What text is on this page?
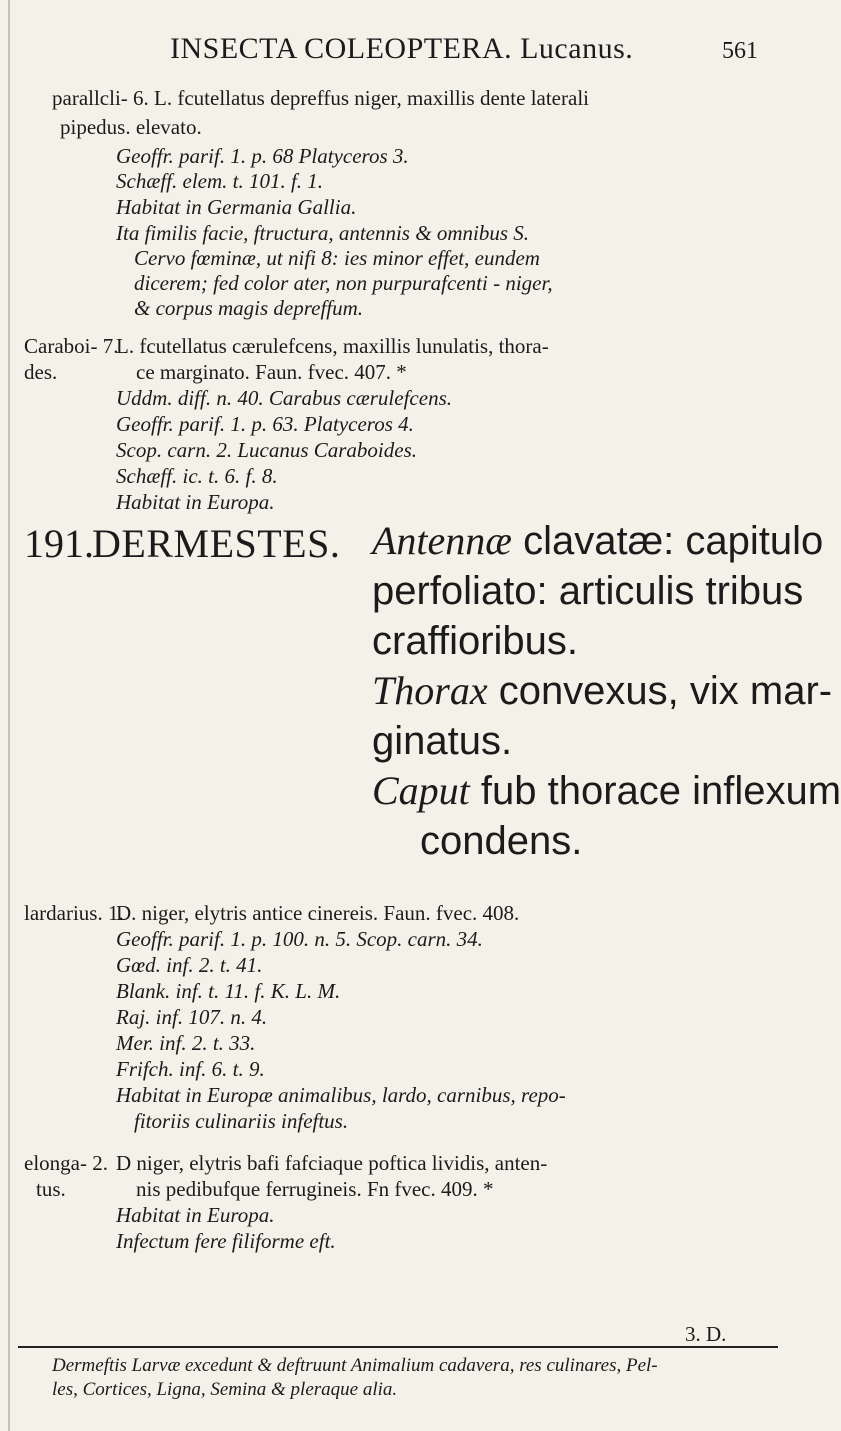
INSECTA COLEOPTERA. Lucanus.	561
parallcli- 6. L. fcutellatus depreffus niger, maxillis dente laterali
pipedus. elevato.
Geoffr. parif. 1. p. 68 Platyceros 3.
Schæff. elem. t. 101. f. 1.
Habitat in Germania Gallia.
Ita fimilis facie, ftructura, antennis & omnibus S.
Cervo fœminæ, ut nifi 8: ies minor effet, eundem
dicerem; fed color ater, non purpurafcenti - niger,
& corpus magis depreffum.
Caraboi- 7.
des.
L. fcutellatus cærulefcens, maxillis lunulatis, thora-
ce marginato. Faun. fvec. 407. *
Uddm. diff. n. 40. Carabus cærulefcens.
Geoffr. parif. 1. p. 63. Platyceros 4.
Scop. carn. 2. Lucanus Caraboides.
Schæff. ic. t. 6. f. 8.
Habitat in Europa.
191.
DERMESTES. Antennæ clavatæ: capitulo
perfoliato: articulis tribus
craffioribus.
Thorax convexus, vix mar-
ginatus.
Caput fub thorace inflexum
condens.
lardarius. 1.
D. niger, elytris antice cinereis. Faun. fvec. 408.
Geoffr. parif. 1. p. 100. n. 5. Scop. carn. 34.
Gœd. inf. 2. t. 41.
Blank. inf. t. 11. f. K. L. M.
Raj. inf. 107. n. 4.
Mer. inf. 2. t. 33.
Frifch. inf. 6. t. 9.
Habitat in Europæ animalibus, lardo, carnibus, repo-
fitoriis culinariis infeftus.
elonga- 2.
tus.
D niger, elytris bafi fafciaque poftica lividis, anten-
nis pedibufque ferrugineis. Fn fvec. 409. *
Habitat in Europa.
Infectum fere filiforme eft.
3. D.
Dermeftis Larvæ excedunt & deftruunt Animalium cadavera, res culinares, Pel-
les, Cortices, Ligna, Semina & pleraque alia.
